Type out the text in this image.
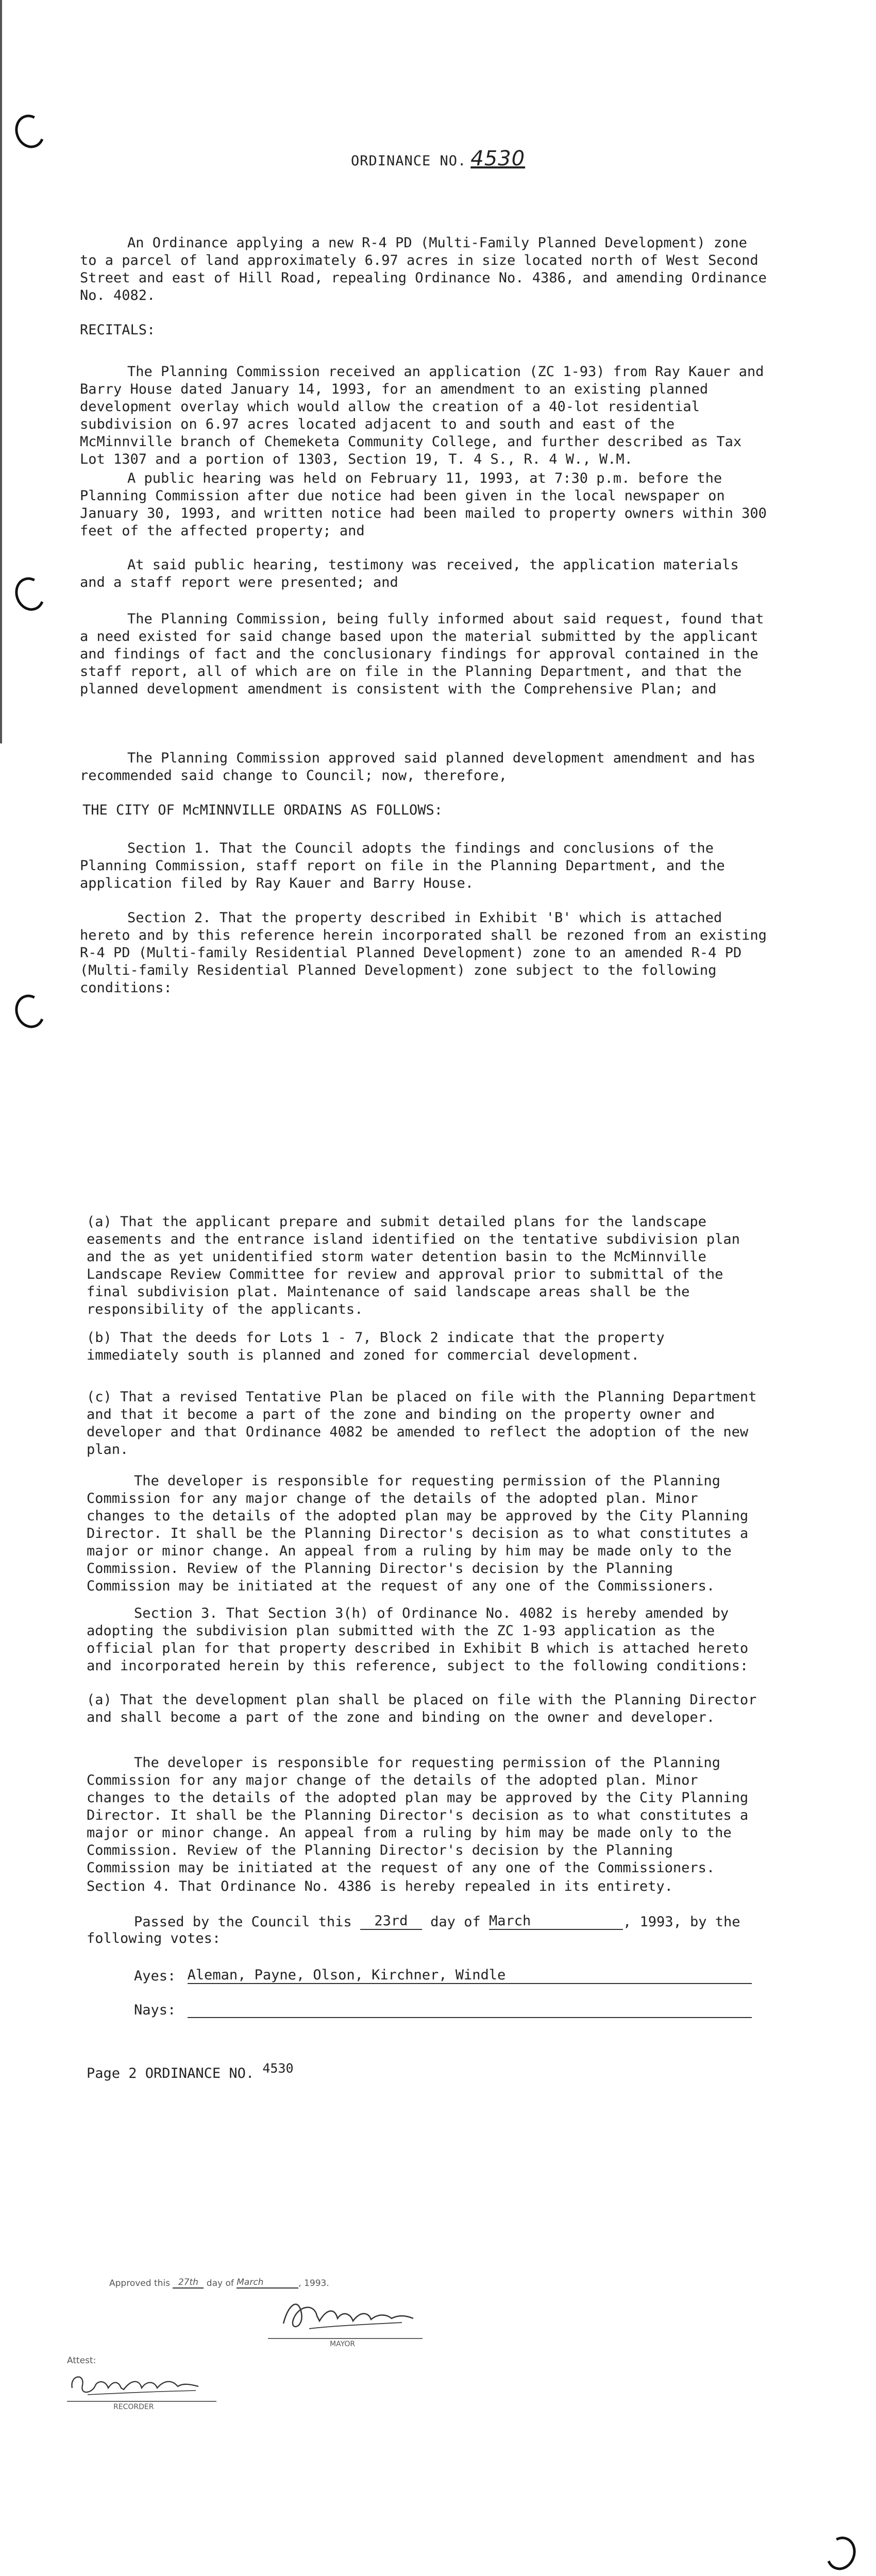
ORDINANCE NO. 4530
An Ordinance applying a new R-4 PD (Multi-Family Planned Development) zone to a parcel of land approximately 6.97 acres in size located north of West Second Street and east of Hill Road, repealing Ordinance No. 4386, and amending Ordinance No. 4082.
RECITALS:
The Planning Commission received an application (ZC 1-93) from Ray Kauer and Barry House dated January 14, 1993, for an amendment to an existing planned development overlay which would allow the creation of a 40-lot residential subdivision on 6.97 acres located adjacent to and south and east of the McMinnville branch of Chemeketa Community College, and further described as Tax Lot 1307 and a portion of 1303, Section 19, T. 4 S., R. 4 W., W.M.
A public hearing was held on February 11, 1993, at 7:30 p.m. before the Planning Commission after due notice had been given in the local newspaper on January 30, 1993, and written notice had been mailed to property owners within 300 feet of the affected property; and
At said public hearing, testimony was received, the application materials and a staff report were presented; and
The Planning Commission, being fully informed about said request, found that a need existed for said change based upon the material submitted by the applicant and findings of fact and the conclusionary findings for approval contained in the staff report, all of which are on file in the Planning Department, and that the planned development amendment is consistent with the Comprehensive Plan; and
The Planning Commission approved said planned development amendment and has recommended said change to Council; now, therefore,
THE CITY OF McMINNVILLE ORDAINS AS FOLLOWS:
Section 1. That the Council adopts the findings and conclusions of the Planning Commission, staff report on file in the Planning Department, and the application filed by Ray Kauer and Barry House.
Section 2. That the property described in Exhibit 'B' which is attached hereto and by this reference herein incorporated shall be rezoned from an existing R-4 PD (Multi-family Residential Planned Development) zone to an amended R-4 PD (Multi-family Residential Planned Development) zone subject to the following conditions:
(a) That the applicant prepare and submit detailed plans for the landscape easements and the entrance island identified on the tentative subdivision plan and the as yet unidentified storm water detention basin to the McMinnville Landscape Review Committee for review and approval prior to submittal of the final subdivision plat. Maintenance of said landscape areas shall be the responsibility of the applicants.
(b) That the deeds for Lots 1 - 7, Block 2 indicate that the property immediately south is planned and zoned for commercial development.
(c) That a revised Tentative Plan be placed on file with the Planning Department and that it become a part of the zone and binding on the property owner and developer and that Ordinance 4082 be amended to reflect the adoption of the new plan.
The developer is responsible for requesting permission of the Planning Commission for any major change of the details of the adopted plan. Minor changes to the details of the adopted plan may be approved by the City Planning Director. It shall be the Planning Director's decision as to what constitutes a major or minor change. An appeal from a ruling by him may be made only to the Commission. Review of the Planning Director's decision by the Planning Commission may be initiated at the request of any one of the Commissioners.
Section 3. That Section 3(h) of Ordinance No. 4082 is hereby amended by adopting the subdivision plan submitted with the ZC 1-93 application as the official plan for that property described in Exhibit B which is attached hereto and incorporated herein by this reference, subject to the following conditions:
(a) That the development plan shall be placed on file with the Planning Director and shall become a part of the zone and binding on the owner and developer.
The developer is responsible for requesting permission of the Planning Commission for any major change of the details of the adopted plan. Minor changes to the details of the adopted plan may be approved by the City Planning Director. It shall be the Planning Director's decision as to what constitutes a major or minor change. An appeal from a ruling by him may be made only to the Commission. Review of the Planning Director's decision by the Planning Commission may be initiated at the request of any one of the Commissioners.
Section 4. That Ordinance No. 4386 is hereby repealed in its entirety.
Passed by the Council this 23rd day of March	, 1993, by the
following votes:
Ayes: Aleman, Payne, Olson, Kirchner, Windle
Nays:
Page 2 ORDINANCE NO. 4530
Approved this 27th day of March	, 1993.
MAYOR
Attest:
RECORDER
